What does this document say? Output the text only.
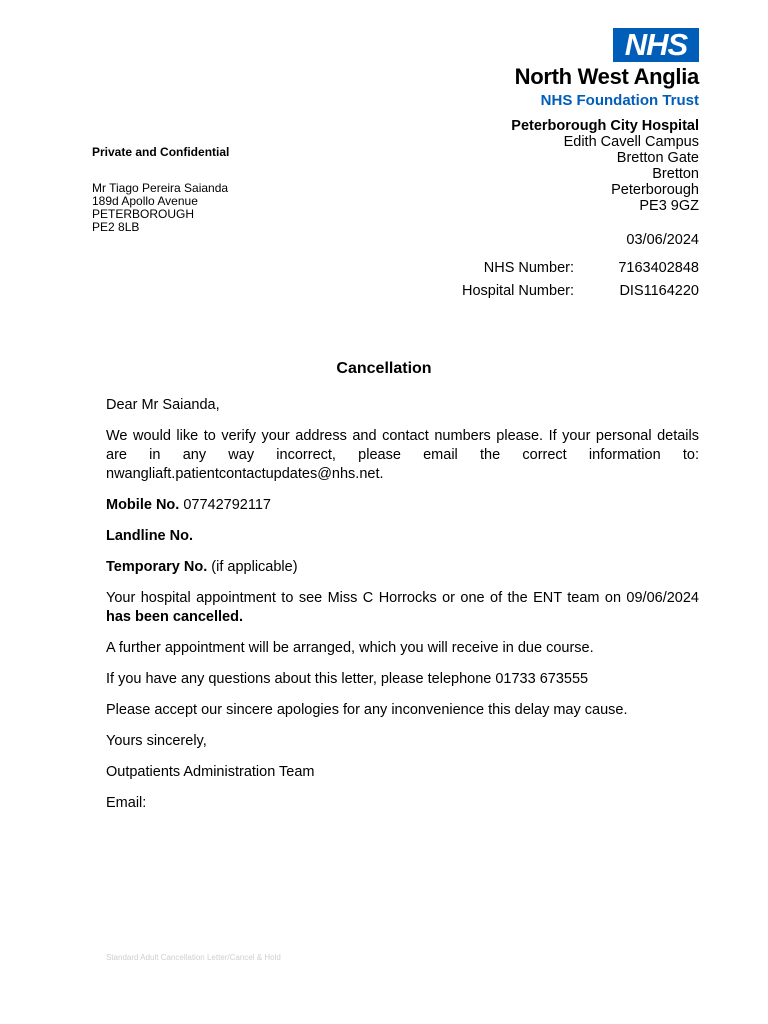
NHS
North West Anglia
NHS Foundation Trust
Peterborough City Hospital
Edith Cavell Campus
Bretton Gate
Bretton
Peterborough
PE3 9GZ
03/06/2024
NHS Number:	7163402848
Hospital Number:	DIS1164220
Private and Confidential
Mr Tiago Pereira Saianda
189d Apollo Avenue
PETERBOROUGH
PE2 8LB
Cancellation

Dear Mr Saianda,

We would like to verify your address and contact numbers please. If your personal details are in any way incorrect, please email the correct information to: nwangliaft.patientcontactupdates@nhs.net.

Mobile No. 07742792117

Landline No.

Temporary No. (if applicable)

Your hospital appointment to see Miss C Horrocks or one of the ENT team on 09/06/2024 has been cancelled.

A further appointment will be arranged, which you will receive in due course.

If you have any questions about this letter, please telephone 01733 673555

Please accept our sincere apologies for any inconvenience this delay may cause.

Yours sincerely,

Outpatients Administration Team

Email:

Standard Adult Cancellation Letter/Cancel & Hold
